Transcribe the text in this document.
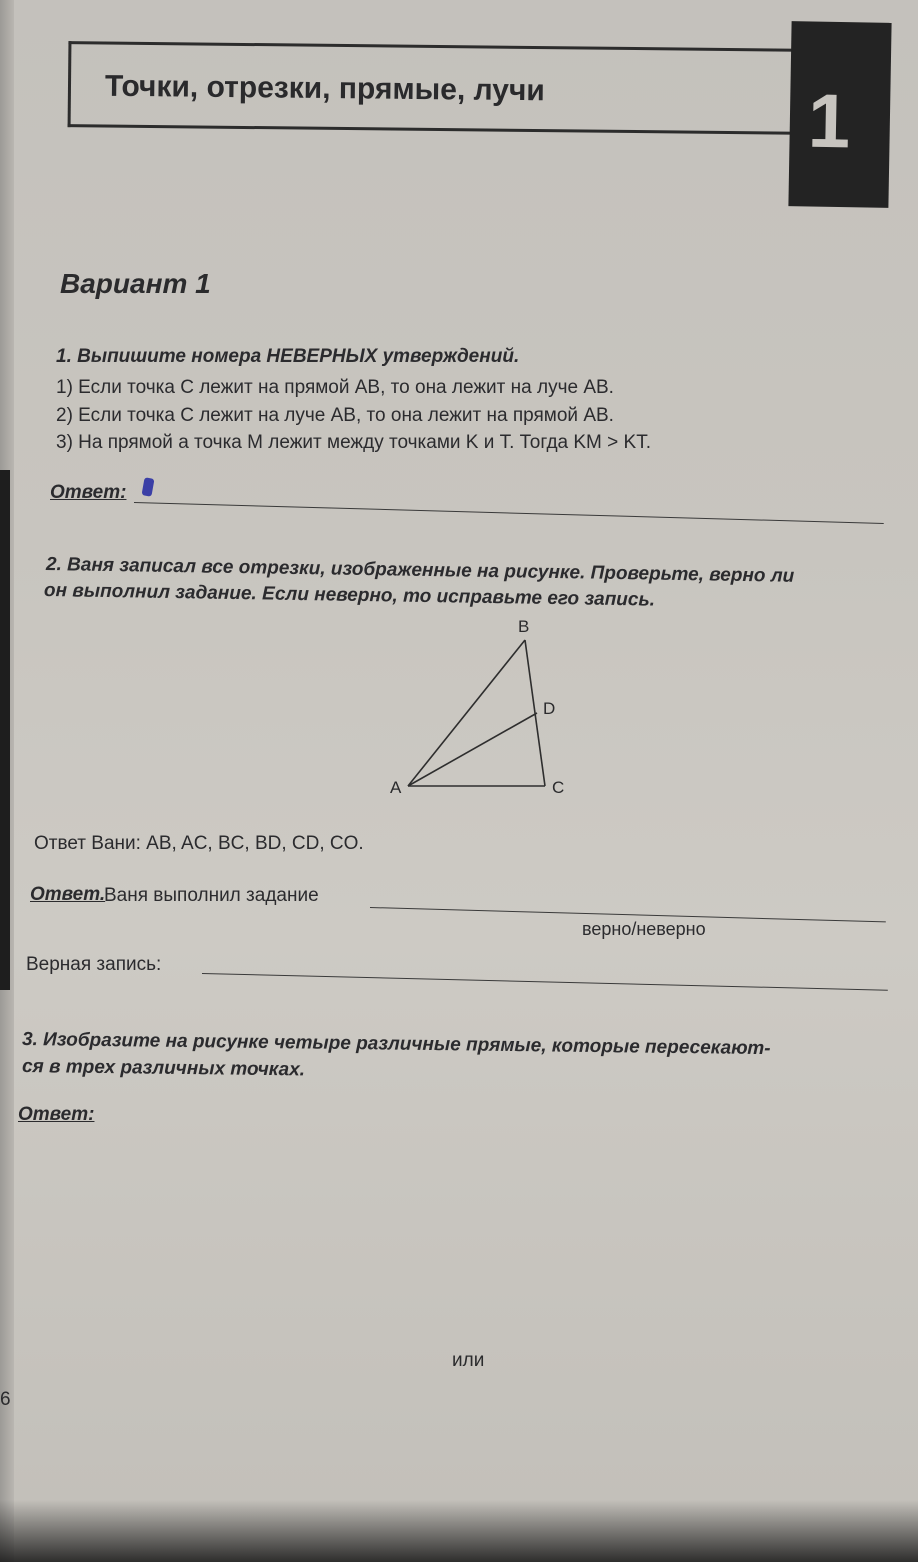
Точки, отрезки, прямые, лучи	1
Вариант 1
1. Выпишите номера НЕВЕРНЫХ утверждений.
1) Если точка C лежит на прямой AB, то она лежит на луче AB.
2) Если точка C лежит на луче AB, то она лежит на прямой AB.
3) На прямой a точка M лежит между точками K и T. Тогда KM > KT.
Ответ:
2. Ваня записал все отрезки, изображенные на рисунке. Проверьте, верно ли
он выполнил задание. Если неверно, то исправьте его запись.
A
B
C
D
Ответ Вани: AB, AC, BC, BD, CD, CO.
Ответ.
Ваня выполнил задание
верно/неверно
Верная запись:
3. Изобразите на рисунке четыре различные прямые, которые пересекают-
ся в трех различных точках.
Ответ:
или
6
